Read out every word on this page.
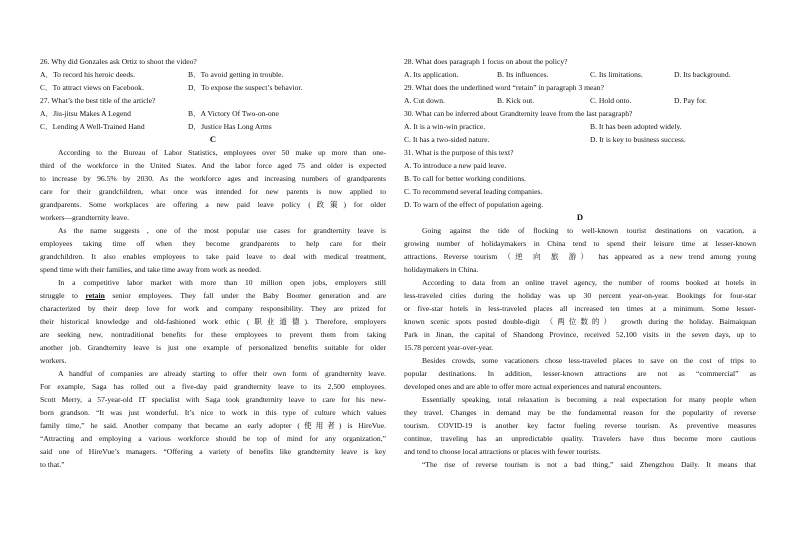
26. Why did Gonzales ask Ortiz to shoot the video?
A．To record his heroic deeds.	B．To avoid getting in trouble.
C．To attract views on Facebook.	D．To expose the suspect’s behavior.
27. What’s the best title of the article?
A．Jiu-jitsu Makes A Legend	B．A Victory Of Two-on-one
C．Lending A Well-Trained Hand	D．Justice Has Long Arms
C
According to the Bureau of Labor Statistics, employees over 50 make up more than one-
third of the workforce in the United States. And the labor force aged 75 and older is expected
to increase by 96.5% by 2030. As the workforce ages and increasing numbers of grandparents
care for their grandchildren, what once was intended for new parents is now applied to
grandparents. Some workplaces are offering a new paid leave policy (政策) for older
workers—grandternity leave.
As the name suggests , one of the most popular use cases for grandternity leave is
employees taking time off when they become grandparents to help care for their
grandchildren. It also enables employees to take paid leave to deal with medical treatment,
spend time with their families, and take time away from work as needed.
In a competitive labor market with more than 10 million open jobs, employers still
struggle to retain senior employees. They fall under the Baby Boomer generation and are
characterized by their deep love for work and company responsibility. They are prized for
their historical knowledge and old-fashioned work ethic (职业道德). Therefore, employers
are seeking new, nontraditional benefits for these employees to prevent them from taking
another job. Grandternity leave is just one example of personalized benefits suitable for older
workers.
A handful of companies are already starting to offer their own form of grandternity leave.
For example, Saga has rolled out a five-day paid grandternity leave to its 2,500 employees.
Scott Merry, a 57-year-old IT specialist with Saga took grandternity leave to care for his new-
born grandson. “It was just wonderful. It’s nice to work in this type of culture which values
family time,” he said. Another company that became an early adopter (使用者) is HireVue.
“Attracting and employing a various workforce should be top of mind for any organization,”
said one of HireVue’s managers. “Offering a variety of benefits like grandternity leave is key
to that.”
28. What does paragraph 1 focus on about the policy?
A. Its application.	B. Its influences.	C. Its limitations.	D. Its background.
29. What does the underlined word “retain” in paragraph 3 mean?
A. Cut down.	B. Kick out.	C. Hold onto.	D. Pay for.
30. What can be inferred about Grandternity leave from the last paragraph?
A. It is a win-win practice.	B. It has been adopted widely.
C. It has a two-sided nature.	D. It is key to business success.
31. What is the purpose of this text?
A. To introduce a new paid leave.
B. To call for better working conditions.
C. To recommend several leading companies.
D. To warn of the effect of population ageing.
D
Going against the tide of flocking to well-known tourist destinations on vacation, a
growing number of holidaymakers in China tend to spend their leisure time at lesser-known
attractions. Reverse tourism （逆 向 旅 游） has appeared as a new trend among young
holidaymakers in China.
According to data from an online travel agency, the number of rooms booked at hotels in
less-traveled cities during the holiday was up 30 percent year-on-year. Bookings for four-star
or five-star hotels in less-traveled places all increased ten times at a minimum. Some lesser-
known scenic spots posted double-digit （两位数的） growth during the holiday. Baimaiquan
Park in Jinan, the capital of Shandong Province, received 52,100 visits in the seven days, up to
15.78 percent year-over-year.
Besides crowds, some vacationers chose less-traveled places to save on the cost of trips to
popular destinations. In addition, lesser-known attractions are not as “commercial” as
developed ones and are able to offer more actual experiences and natural encounters.
Essentially speaking, total relaxation is becoming a real expectation for many people when
they travel. Changes in demand may be the fundamental reason for the popularity of reverse
tourism. COVID-19 is another key factor fueling reverse tourism. As preventive measures
continue, traveling has an unpredictable quality. Travelers have thus become more cautious
and tend to choose local attractions or places with fewer tourists.
“The rise of reverse tourism is not a bad thing,” said Zhengzhou Daily. It means that
